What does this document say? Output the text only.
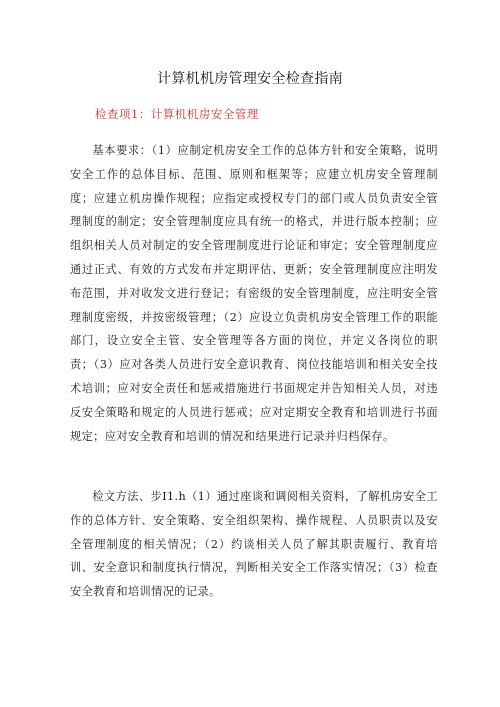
计算机机房管理安全检查指南
检查项1：计算机机房安全管理

基本要求：（1）应制定机房安全工作的总体方针和安全策略，说明安全工作的总体目标、范围、原则和框架等；应建立机房安全管理制度；应建立机房操作规程；应指定或授权专门的部门或人员负责安全管理制度的制定；安全管理制度应具有统一的格式，并进行版本控制；应组织相关人员对制定的安全管理制度进行论证和审定；安全管理制度应通过正式、有效的方式发布并定期评估、更新；安全管理制度应注明发布范围，并对收发文进行登记；有密级的安全管理制度，应注明安全管理制度密级，并按密级管理；（2）应设立负责机房安全管理工作的职能部门，设立安全主管、安全管理等各方面的岗位，并定义各岗位的职责；（3）应对各类人员进行安全意识教育、岗位技能培训和相关安全技术培训；应对安全责任和惩戒措施进行书面规定并告知相关人员，对违反安全策略和规定的人员进行惩戒；应对定期安全教育和培训进行书面规定；应对安全教育和培训的情况和结果进行记录并归档保存。

检文方法、步I1.h（1）通过座谈和调阅相关资料，了解机房安全工作的总体方针、安全策略、安全组织架构、操作规程、人员职责以及安全管理制度的相关情况；（2）约谈相关人员了解其职责履行、教育培训、安全意识和制度执行情况，判断相关安全工作落实情况；（3）检查安全教育和培训情况的记录。
